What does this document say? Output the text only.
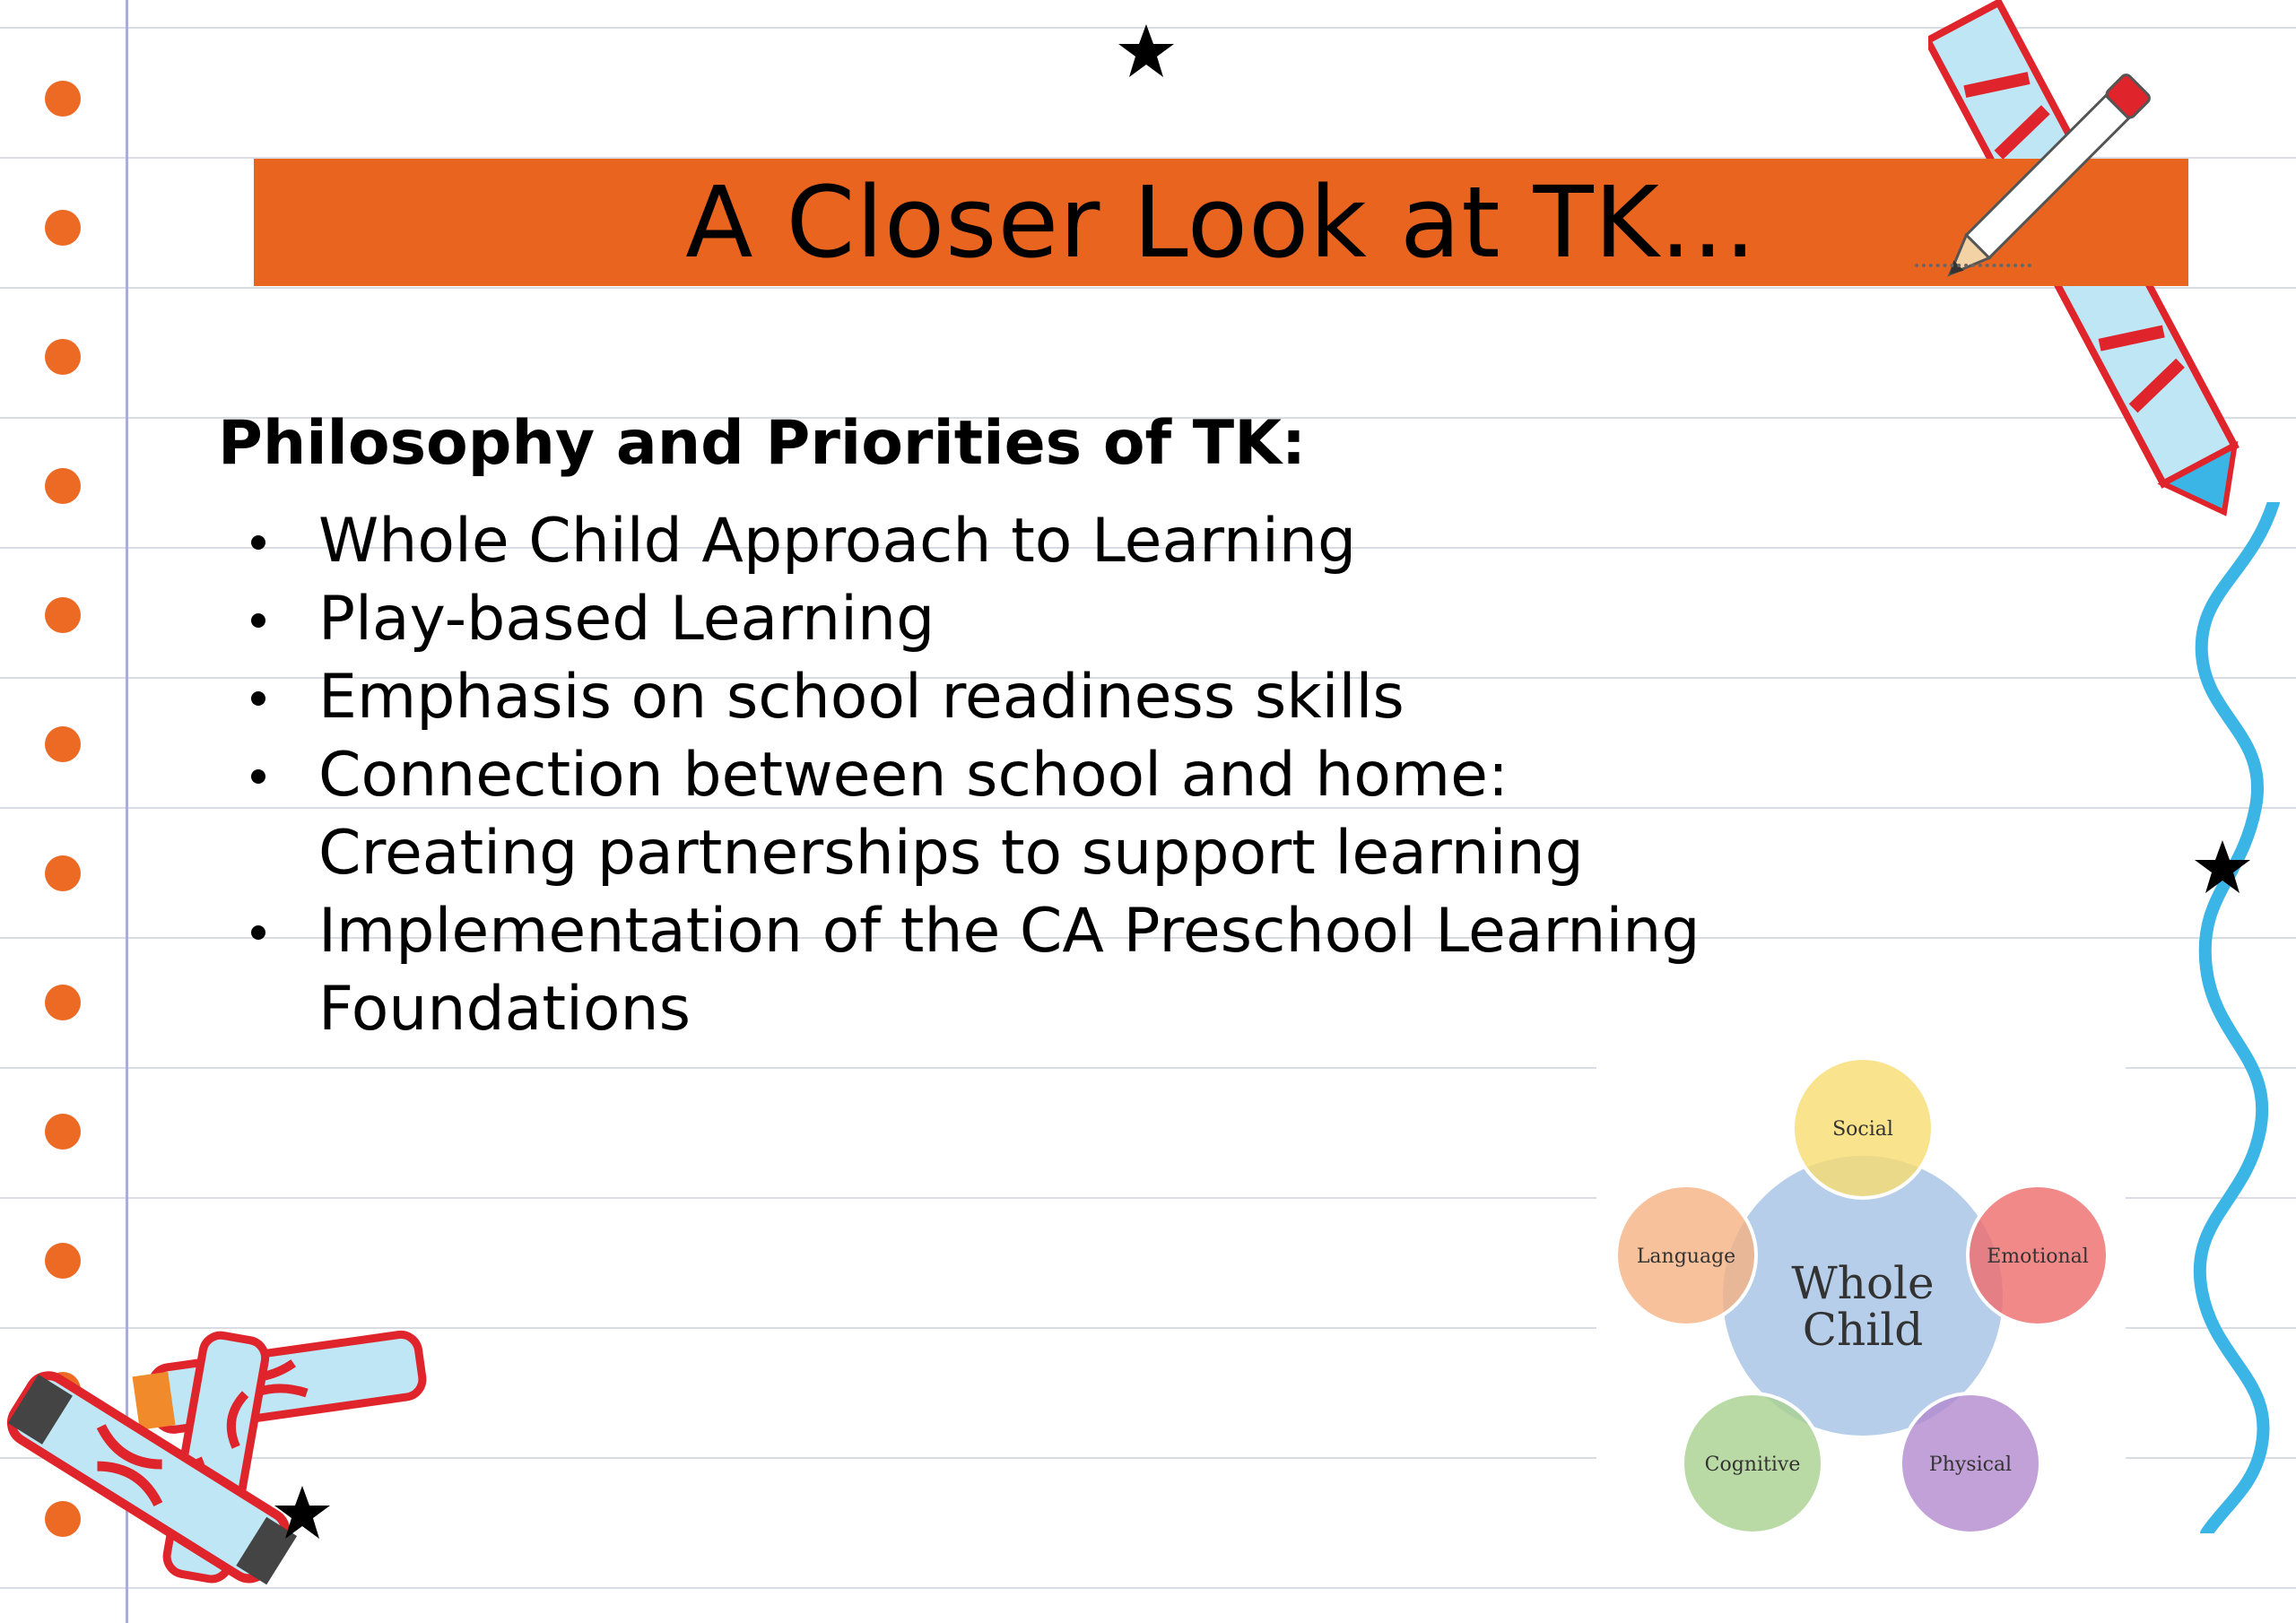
A Closer Look at TK...
Philosophy and Priorities of TK:
Whole Child Approach to Learning
Play-based Learning
Emphasis on school readiness skills
Connection between school and home: Creating partnerships to support learning
Implementation of the CA Preschool Learning Foundations
Whole
Child
Social
Emotional
Physical
Cognitive
Language
